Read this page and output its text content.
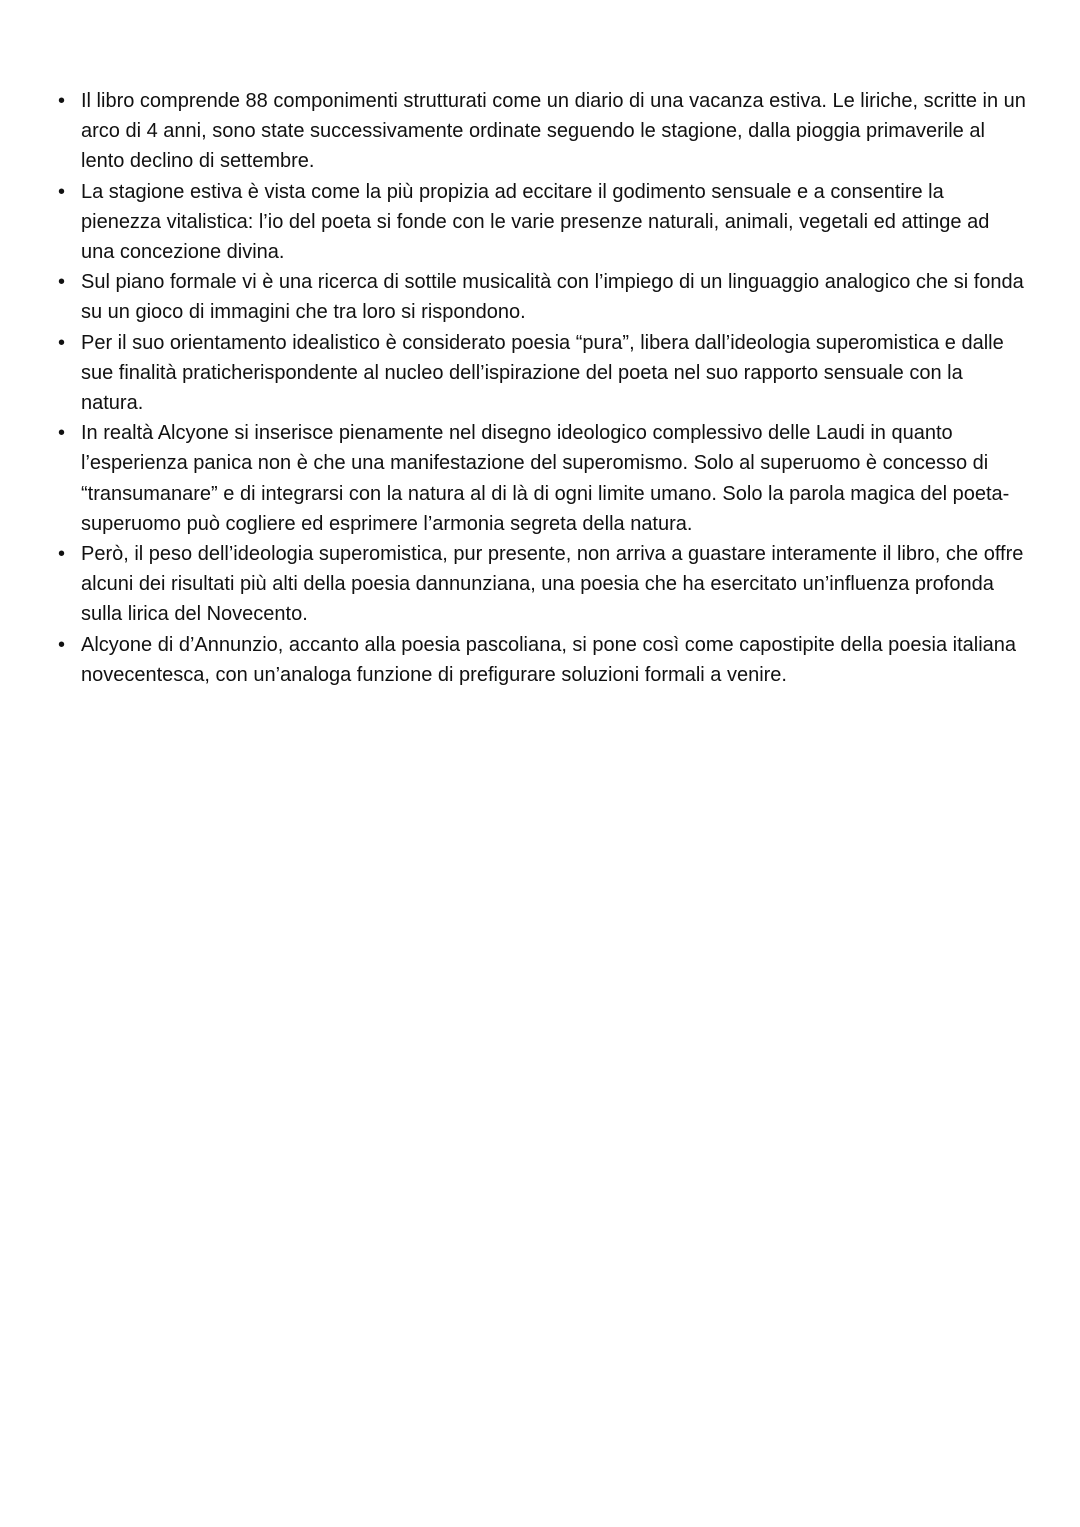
• Il libro comprende 88 componimenti strutturati come un diario di una vacanza estiva. Le liriche, scritte in un arco di 4 anni, sono state successivamente ordinate seguendo le stagione, dalla pioggia primaverile al lento declino di settembre.
• La stagione estiva è vista come la più propizia ad eccitare il godimento sensuale e a consentire la pienezza vitalistica: l’io del poeta si fonde con le varie presenze naturali, animali, vegetali ed attinge ad una concezione divina.
• Sul piano formale vi è una ricerca di sottile musicalità con l’impiego di un linguaggio analogico che si fonda su un gioco di immagini che tra loro si rispondono.
• Per il suo orientamento idealistico è considerato poesia “pura”, libera dall’ideologia superomistica e dalle sue finalità praticherispondente al nucleo dell’ispirazione del poeta nel suo rapporto sensuale con la natura.
• In realtà Alcyone si inserisce pienamente nel disegno ideologico complessivo delle Laudi in quanto l’esperienza panica non è che una manifestazione del superomismo. Solo al superuomo è concesso di “transumanare” e di integrarsi con la natura al di là di ogni limite umano. Solo la parola magica del poeta-superuomo può cogliere ed esprimere l’armonia segreta della natura.
• Però, il peso dell’ideologia superomistica, pur presente, non arriva a guastare interamente il libro, che offre alcuni dei risultati più alti della poesia dannunziana, una poesia che ha esercitato un’influenza profonda sulla lirica del Novecento.
• Alcyone di d’Annunzio, accanto alla poesia pascoliana, si pone così come capostipite della poesia italiana novecentesca, con un’analoga funzione di prefigurare soluzioni formali a venire.
